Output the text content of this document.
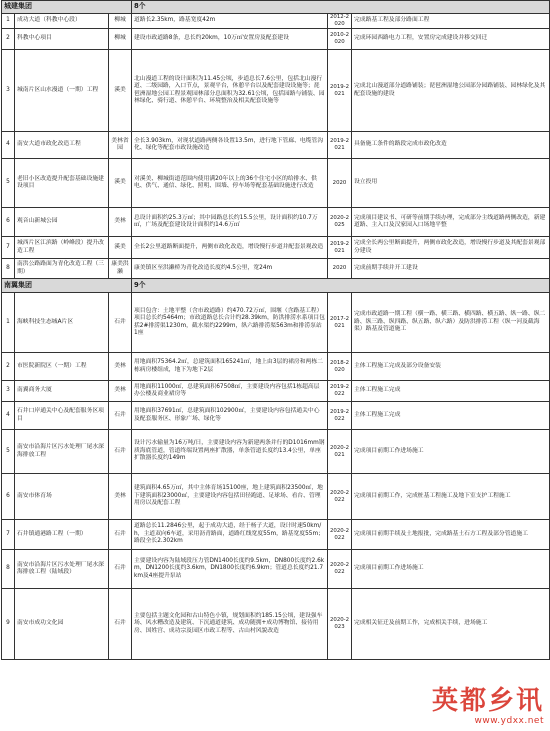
城建集团			8个		
1	成功大道（科教中心段）	柳城	道路长2.35km，路基宽度42m	2012-2020	完成路基工程及部分路面工程
2	科教中心项目	柳城	建设市政道路8条，总长约20km，10万㎡安置房及配套建设	2010-2020	完成环园西路电力工程，安置房完成建设并移交回迁
3	城南片区山水漫道（一期）工程	溪美	北山漫道工程的设计面积为11.45公顷，步道总长7.6公里，包括北山漫行道、二级园路，入口节点，景观平台，休憩平台以及配套建设设施等；琵琶洲湿地公园工程景观园林部分总面积为32.61公顷，包括园路与铺装、园林绿化、骑行道、休憩平台、环境整治及相关配套设施等	2019-2021	完成北山漫道部分道路铺装；琵琶洲湿地公园部分园路铺装、园林绿化及其配套设施的建设
4	南安大道市政化改造工程	美林省园	全长3.903km，对现状道路两侧各设置13.5m，进行地下管廊、电缆管沟化、绿化等配套市政设施改造	2019-2021	具备施工条件的路段完成市政化改造
5	老旧小区改造提升配套基础设施建设项目	溪美	对溪美、柳城街道范围内使用满20年以上的36个住宅小区的给排水、供电、供气、通信、绿化、照明、围墙、停车场等配套基础设施进行改造	2020	设立投用
6	观音山新城公园	美林	总设计面积约25.3万㎡；其中园路总长约15.5公里，设计面积约10.7万㎡，广场及配套建设设计面积约14.6万㎡	2020-2025	完成项目建议书、可研等前期手续办理，完成部分主线道路两侧改造，新建道路、主入口及汉家园入口场地平整
7	城西片区江滨路（岭峰段）提升改造工程	溪美	全长2公里道路断面提升，两侧市政化改造，增设慢行步道并配套景观改造	2019-2021	完成全长两公里断面提升，两侧市政化改造，增设慢行步道及其配套景观部分建设
8	南洪公路路面为青化改造工程（三期）	康美洪濑	康美镇区至洪濑桥为青化改造长度约4.5公里，宽24m	2020	完成前期手续并开工建设
南翼集团			9个		
1	海峡科技生态城A片区	石井	项目包含：土地平整（含市政道路）约470.72万㎡，围堰（含路基工程）项目总长约5464m；市政道路总长合计约28.39km，防洪排涝水系项目包括2#排涝渠1230m，截水渠约2299m，纵六路排涝渠563m和排涝泵站1座	2017-2021	完成市政道路一期工程（横一路、横三路、横四路、横五路、纵一路、纵二路、纵三路、纵四路、纵五路、纵六路）及防洪排涝工程（纵一河及截海渠）路基及管道施工
2	市医院新院区（一期）工程	美林	用地面积75364.2㎡，总建筑面积165241㎡，地上由3层的裙房和两栋二栋病房楼组成，地下为地下2层	2018-2020	主体工程施工完成及部分设备安装
3	南翼商务大厦	美林	用地面积11000㎡，总建筑面积67508㎡，主要建设内容包括1栋超高层办公楼及商业裙房等	2019-2022	主体工程施工完成
4	石井口岸通关中心及配套服务区项目	石井	用地面积37691㎡，总建筑面积102900㎡，主要建设内容包括通关中心及配套服务区、形象广场、绿化等	2019-2022	主体工程施工完成
5	南安市沿海片区污水处理厂尾水深海排放工程	石井	设计污水输量为16万吨/日，主要建设内容为新建两条并行的D1016mm钢质海底管道，管道终端设置两座扩散器，单条管道长度约13.4公里，单座扩散器长度约149m	2020-2021	完成项目前期工作进场施工
6	南安市体育场	美林	建筑面积4.65万㎡，其中主体育场15100座，地上建筑面积23500㎡，地下建筑面积23000㎡，主要建设内容包括田径跑道、足球场、看台、管理用房以及配套工程	2020-2022	完成项目前期工作，完成桩基工程施工及地下室支护工程施工
7	石井镇通港路工程（一期）	石井	道路总长11.2846公里，起于成功大道，经于杨子大道，设计时速50km/h，主道双向6车道，采用沥青路面，道路红线宽度55m，路基宽度55m；路段全长2.302km	2020-2022	完成项目前期手续及土地报批，完成路基土石方工程及部分管道施工
8	南安市沿海片区污水处理厂尾水深海排放工程（陆域段）	石井	主要建设内容为陆域段压力管DN1400长度约9.5km，DN800长度约2.6km，DN1200长度约3.6km，DN1800长度约6.9km；管道总长度约21.7km及4座提升泵站	2020-2022	完成项目前期工作进场施工
9	南安市成功文化园	石井	主要包括主题文化园和古山特色小镇，规划面积约185.15公顷，建设强车场、风水糟改造及建筑、下沉通道建筑、成功随拥+成功博物馆、接待用房、国姓宫、成功宗及园区市政工程等、古山村风貌改造	2020-2023	完成相关征迁及前期工作，完成相关手续，进场施工
英都乡讯
www.ydxx.net
